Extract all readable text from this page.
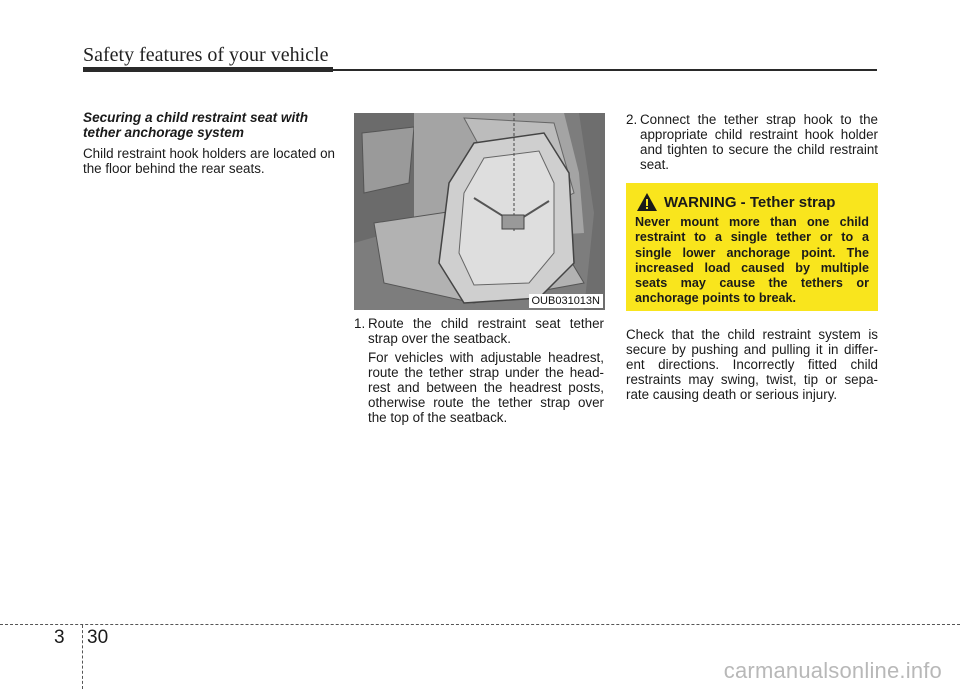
Safety features of your vehicle
Securing a child restraint seat with tether anchorage system

Child restraint hook holders are located on the floor behind the rear seats.

OUB031013N
1. Route the child restraint seat tether strap over the seatback.

For vehicles with adjustable headrest, route the tether strap under the head- rest and between the headrest posts, otherwise route the tether strap over the top of the seatback.

2. Connect the tether strap hook to the appropriate child restraint hook holder and tighten to secure the child restraint seat.

WARNING - Tether strap
Never mount more than one child restraint to a single tether or to a single lower anchorage point. The increased load caused by multiple seats may cause the tethers or anchorage points to break.

Check that the child restraint system is secure by pushing and pulling it in differ- ent directions. Incorrectly fitted child restraints may swing, twist, tip or sepa- rate causing death or serious injury.

3 30
carmanualsonline.info
